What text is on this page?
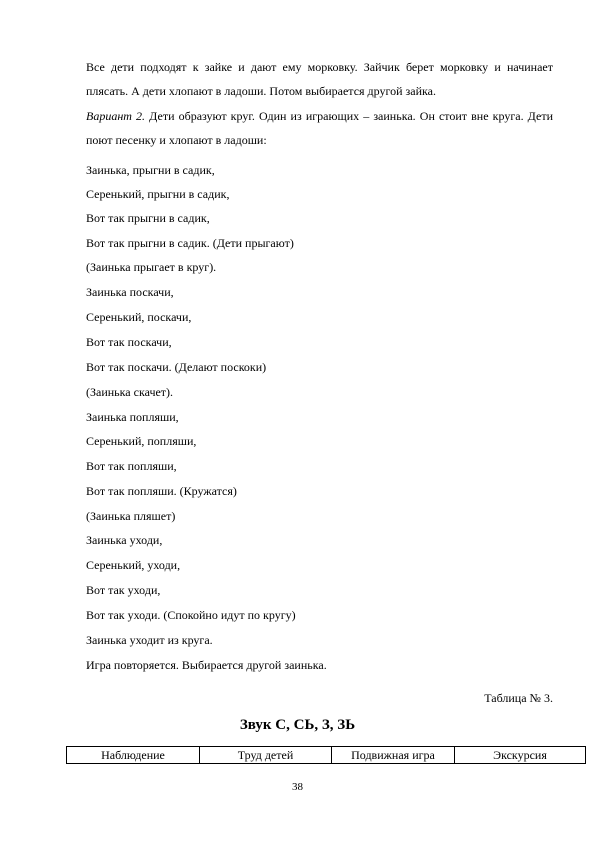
Все дети подходят к зайке и дают ему морковку. Зайчик берет морковку и начинает плясать. А дети хлопают в ладоши. Потом выбирается другой зайка.

Вариант 2. Дети образуют круг. Один из играющих – заинька. Он стоит вне круга. Дети поют песенку и хлопают в ладоши:

Заинька, прыгни в садик,

Серенький, прыгни в садик,

Вот так прыгни в садик,

Вот так прыгни в садик. (Дети прыгают)

(Заинька прыгает в круг).

Заинька поскачи,

Серенький, поскачи,

Вот так поскачи,

Вот так поскачи. (Делают поскоки)

(Заинька скачет).

Заинька попляши,

Серенький, попляши,

Вот так попляши,

Вот так попляши. (Кружатся)

(Заинька пляшет)

Заинька уходи,

Серенький, уходи,

Вот так уходи,

Вот так уходи. (Спокойно идут по кругу)

Заинька уходит из круга.

Игра повторяется. Выбирается другой заинька.

Таблица № 3.
Звук С, СЬ, З, ЗЬ
Наблюдение	Труд детей	Подвижная игра	Экскурсия
38
